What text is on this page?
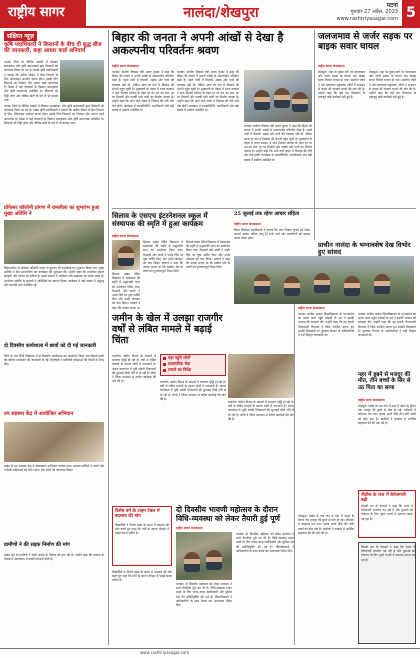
राष्ट्रीय सागर	नालंदा/शेखपुरा	पटना
गुरुवार 27 अप्रैल, 2023
www.rashtriyasagar.com 5
संक्षिप्त न्यूज़
कृषि पदाधिकारी ने किसानों के बीच दी शुद्ध बीज की जानकारी, कहा आधार कार्ड अनिवार्य
नालंदा जिले के विभिन्न प्रखंडों में किसान सलाहकार और कृषि समन्वयकों द्वारा किसानों को जागरूक किया जा रहा है। प्रखंड कृषि पदाधिकारी ने बताया कि खरीफ मौसम में बीज वितरण के लिए ऑनलाइन आवेदन करना होगा। इसके लिए किसानों का निबंधन और आधार कार्ड आवश्यक है। बैठक में कई पंचायतों के किसान सलाहकार और कृषि समन्वयक उपस्थित थे। किसानों को मिट्टी जांच और जैविक खेती के बारे में भी बताया गया।
नालंदा जिले के विभिन्न प्रखंडों में किसान सलाहकार और कृषि समन्वयकों द्वारा किसानों को जागरूक किया जा रहा है। प्रखंड कृषि पदाधिकारी ने बताया कि खरीफ मौसम में बीज वितरण के लिए ऑनलाइन आवेदन करना होगा। इसके लिए किसानों का निबंधन और आधार कार्ड आवश्यक है। बैठक में कई पंचायतों के किसान सलाहकार और कृषि समन्वयक उपस्थित थे। किसानों को मिट्टी जांच और जैविक खेती के बारे में भी बताया गया।
प्रोफेसर कॉलोनी प्रांगण में रामलीला का शुभारंभ हुआ मुख्य अतिथि ने
बिहारशरीफ के प्रोफेसर कॉलोनी प्रांगण में बुधवार को रामलीला का शुभारंभ किया गया। मुख्य अतिथि ने दीप प्रज्ज्वलित कर कार्यक्रम की शुरुआत की। उन्होंने कहा कि रामलीला हमारी संस्कृति और परंपरा का प्रतीक है। इससे समाज में भाईचारा और सद्भावना का संदेश जाता है। आयोजन समिति के सदस्यों ने अतिथियों का स्वागत किया। कार्यक्रम में बड़ी संख्या में श्रद्धालु और स्थानीय लोग उपस्थित रहे।
दो दिवसीय कार्यशाला में छात्रों को दी गई जानकारी
जिले के एक निजी विद्यालय में दो दिवसीय कार्यशाला का आयोजन किया गया जिसमें छात्रों को करियर मार्गदर्शन की जानकारी दी गई। विशेषज्ञों ने प्रतियोगी परीक्षाओं की तैयारी के टिप्स दिए।
उप स्वास्थ्य केंद्र में आयोजित अभियान
प्रखंड के उप स्वास्थ्य केंद्र में टीकाकरण अभियान चलाया गया। स्वास्थ्य कर्मियों ने बच्चों और गर्भवती महिलाओं को टीके लगाए और लोगों को जागरूक किया।
ग्रामीणों ने की सड़क निर्माण की मांग
प्रखंड क्षेत्र के ग्रामीणों ने जर्जर सड़क के निर्माण की मांग की है। उन्होंने कहा कि बरसात के मौसम में आवागमन में काफी परेशानी होती है।
बिहार की जनता ने अपनी आंखों से देखा है अकल्पनीय परिवर्तनः श्रवण
राष्ट्रीय सागर संवाददाता
नालंदा। ग्रामीण विकास मंत्री श्रवण कुमार ने कहा कि बिहार की जनता ने अपनी आंखों से अकल्पनीय परिवर्तन देखा है। पहले गांवों में बिजली, सड़क और पानी की व्यवस्था नहीं थी, लेकिन आज हर गांव में विकास की रोशनी पहुंच चुकी है। मुख्यमंत्री के नेतृत्व में राज्य सरकार ने सात निश्चय योजना के तहत हर घर नल का जल, हर घर बिजली और पक्की गली नाली का निर्माण कराया है। उन्होंने कहा कि आने वाले समय में विकास की गति और तेज होगी। कार्यक्रम में जनप्रतिनिधि, पदाधिकारी और बड़ी संख्या में ग्रामीण उपस्थित थे।
नालंदा। ग्रामीण विकास मंत्री श्रवण कुमार ने कहा कि बिहार की जनता ने अपनी आंखों से अकल्पनीय परिवर्तन देखा है। पहले गांवों में बिजली, सड़क और पानी की व्यवस्था नहीं थी, लेकिन आज हर गांव में विकास की रोशनी पहुंच चुकी है। मुख्यमंत्री के नेतृत्व में राज्य सरकार ने सात निश्चय योजना के तहत हर घर नल का जल, हर घर बिजली और पक्की गली नाली का निर्माण कराया है। उन्होंने कहा कि आने वाले समय में विकास की गति और तेज होगी। कार्यक्रम में जनप्रतिनिधि, पदाधिकारी और बड़ी संख्या में ग्रामीण उपस्थित थे।
नालंदा। ग्रामीण विकास मंत्री श्रवण कुमार ने कहा कि बिहार की जनता ने अपनी आंखों से अकल्पनीय परिवर्तन देखा है। पहले गांवों में बिजली, सड़क और पानी की व्यवस्था नहीं थी, लेकिन आज हर गांव में विकास की रोशनी पहुंच चुकी है। मुख्यमंत्री के नेतृत्व में राज्य सरकार ने सात निश्चय योजना के तहत हर घर नल का जल, हर घर बिजली और पक्की गली नाली का निर्माण कराया है। उन्होंने कहा कि आने वाले समय में विकास की गति और तेज होगी। कार्यक्रम में जनप्रतिनिधि, पदाधिकारी और बड़ी संख्या में ग्रामीण उपस्थित थे।
जलजमाव से जर्जर सड़क पर बाइक सवार घायल
राष्ट्रीय सागर संवाददाता
शेखपुरा। शहर के मुख्य मार्ग पर जलजमाव और जर्जर सड़क के कारण एक बाइक सवार गिरकर घायल हो गया। स्थानीय लोगों ने उसे अस्पताल पहुंचाया। लोगों ने प्रशासन से सड़क की मरम्मत कराने की मांग की है। उन्होंने कहा कि कई बार शिकायत के बावजूद कोई कार्रवाई नहीं हुई है।
शेखपुरा। शहर के मुख्य मार्ग पर जलजमाव और जर्जर सड़क के कारण एक बाइक सवार गिरकर घायल हो गया। स्थानीय लोगों ने उसे अस्पताल पहुंचाया। लोगों ने प्रशासन से सड़क की मरम्मत कराने की मांग की है। उन्होंने कहा कि कई बार शिकायत के बावजूद कोई कार्रवाई नहीं हुई है।
सिलाव के एसएच इंटरनेशनल स्कूल में संस्थापक की स्मृति में हुआ कार्यक्रम
राष्ट्रीय सागर संवाददाता
सिलाव प्रखंड स्थित विद्यालय में संस्थापक की स्मृति में श्रद्धांजलि सभा का आयोजन किया गया। शिक्षकों और छात्रों ने उनके चित्र पर पुष्प अर्पित किए और उनके योगदान को याद किया। प्राचार्य ने कहा कि उनका सपना था कि ग्रामीण क्षेत्र के बच्चों को गुणवत्तापूर्ण शिक्षा मिले।
सिलाव प्रखंड स्थित विद्यालय में संस्थापक की स्मृति में श्रद्धांजलि सभा का आयोजन किया गया। शिक्षकों और छात्रों ने उनके चित्र पर पुष्प अर्पित किए और उनके योगदान को याद किया। प्राचार्य ने कहा कि उनका सपना था
सिलाव प्रखंड स्थित विद्यालय में संस्थापक की स्मृति में श्रद्धांजलि सभा का आयोजन किया गया। शिक्षकों और छात्रों ने उनके चित्र पर पुष्प अर्पित किए और उनके योगदान को याद किया। प्राचार्य ने कहा कि उनका सपना था कि ग्रामीण क्षेत्र के बच्चों को गुणवत्तापूर्ण शिक्षा मिले।
25 जुलाई तक रहेगा आचार संहिता
राष्ट्रीय सागर संवाददाता
जिला निर्वाचन पदाधिकारी ने बताया कि नगर निकाय चुनाव को लेकर आदर्श आचार संहिता लागू है। सभी दलों और प्रत्याशियों को इसका पालन करना होगा।
प्राचीन नालंदा के भग्नावशेष देख विभोर हुए सांसद
राष्ट्रीय सागर संवाददाता
नालंदा। प्राचीन नालंदा विश्वविद्यालय के भग्नावशेष का भ्रमण करने पहुंचे सांसदों के दल ने इसकी भव्यता की सराहना की। उन्होंने कहा कि यह हमारी गौरवशाली विरासत है जिसे संरक्षित करना हम सबकी जिम्मेदारी है। पुरातत्व विभाग के अधिकारियों ने उन्हें विस्तृत जानकारी दी।
नालंदा। प्राचीन नालंदा विश्वविद्यालय के भग्नावशेष का भ्रमण करने पहुंचे सांसदों के दल ने इसकी भव्यता की सराहना की। उन्होंने कहा कि यह हमारी गौरवशाली विरासत है जिसे संरक्षित करना हम सबकी जिम्मेदारी है। पुरातत्व विभाग के अधिकारियों ने उन्हें विस्तृत जानकारी दी।
जमीन के खेल में उलझा राजगीर वर्षों से लंबित मामले में बढ़ाई चिंता
यहां पहुंचे लोगों
प्रशासनिक रोक
लगाने का निर्देश
राजगीर। जमीन विवाद के मामलों में लगातार वृद्धि हो रही है। वर्षों से लंबित मामलों के कारण लोगों में नाराजगी है। अंचल कार्यालय में भूमि संबंधी शिकायतों की सुनवाई धीमी गति से हो रही है। लोगों ने जिला प्रशासन से त्वरित कार्रवाई की मांग की है।	राजगीर। जमीन विवाद के मामलों में लगातार वृद्धि हो रही है। वर्षों से लंबित मामलों के कारण लोगों में नाराजगी है। अंचल कार्यालय में भूमि संबंधी शिकायतों की सुनवाई धीमी गति से हो रही है। लोगों ने जिला प्रशासन से त्वरित कार्रवाई की मांग की है।
राजगीर। जमीन विवाद के मामलों में लगातार वृद्धि हो रही है। वर्षों से लंबित मामलों के कारण लोगों में नाराजगी है। अंचल कार्यालय में भूमि संबंधी शिकायतों की सुनवाई धीमी गति से हो रही है। लोगों ने जिला प्रशासन से त्वरित कार्रवाई की मांग की है।
विशेष वर्ग के टाइम टेबल में बदलाव की मांग
विद्यार्थियों ने विशेष कक्षा के समय में बदलाव की मांग करते हुए कहा कि गर्मी के कारण दोपहर में पढ़ाई करना कठिन है।
दो दिवसीय भावणी महोत्सव के दौरान विधि-व्यवस्था को लेकर तैयारी हुई पूर्ण
राष्ट्रीय सागर संवाददाता
नालंदा। दो दिवसीय महोत्सव को लेकर प्रशासन ने सभी तैयारियां पूरी कर ली हैं। विधि-व्यवस्था बनाए रखने के लिए जगह-जगह दंडाधिकारी और पुलिस बल की प्रतिनियुक्ति की गई है। जिलाधिकारी ने अधिकारियों के साथ बैठक कर आवश्यक निर्देश दिए।
नालंदा। दो दिवसीय महोत्सव को लेकर प्रशासन ने सभी तैयारियां पूरी कर ली हैं। विधि-व्यवस्था बनाए रखने के लिए जगह-जगह दंडाधिकारी और पुलिस बल की प्रतिनियुक्ति की गई है। जिलाधिकारी ने अधिकारियों के साथ बैठक कर आवश्यक निर्देश दिए।
विद्यार्थियों ने विशेष कक्षा के समय में बदलाव की मांग करते हुए कहा कि गर्मी के कारण दोपहर में पढ़ाई करना कठिन है।
नहर में डूबने से मजदूर की मौत, तीन बच्चों के सिर से उठ पिता का साया
राष्ट्रीय सागर संवाददाता
शेखपुरा। प्रखंड के एक गांव में नहर में नहाने के दौरान एक मजदूर की डूबने से मौत हो गई। परिजनों में कोहराम मच गया। मृतक अपने पीछे तीन छोटे बच्चों को छोड़ गया है। ग्रामीणों ने सरकार से आर्थिक सहायता देने की मांग की है।
नीतीश के राज में बेरोजगारी बढ़ी
विपक्षी दल के नेताओं ने कहा कि राज्य में बेरोजगारी लगातार बढ़ रही है और युवाओं को रोजगार के लिए दूसरे राज्यों में पलायन करना पड़ रहा है।
शेखपुरा। प्रखंड के एक गांव में नहर में नहाने के दौरान एक मजदूर की डूबने से मौत हो गई। परिजनों में कोहराम मच गया। मृतक अपने पीछे तीन छोटे बच्चों को छोड़ गया है। ग्रामीणों ने सरकार से आर्थिक सहायता देने की मांग की है।
विपक्षी दल के नेताओं ने कहा कि राज्य में बेरोजगारी लगातार बढ़ रही है और युवाओं को रोजगार के लिए दूसरे राज्यों में पलायन करना पड़ रहा है।
www.rashtriyasagar.com
